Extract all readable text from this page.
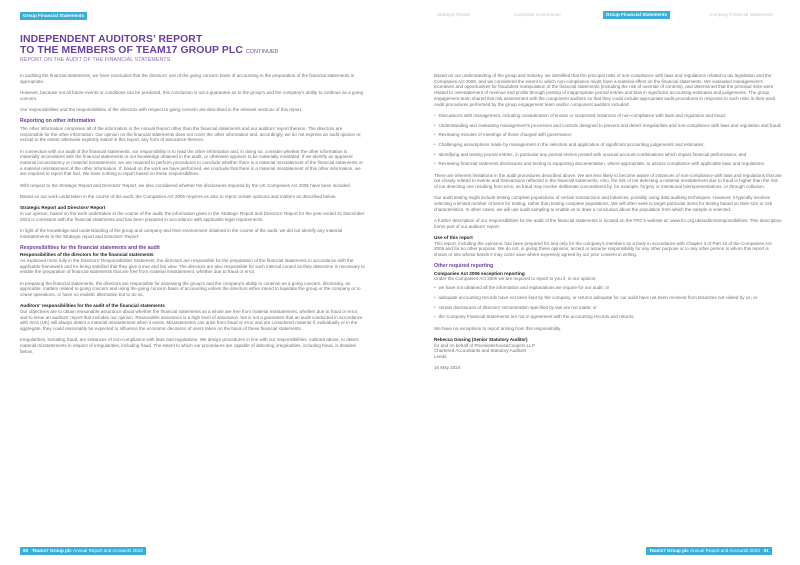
Group Financial Statements	Strategic Report	Corporate Governance	Group Financial Statements	Company Financial Statements
INDEPENDENT AUDITORS’ REPORT
TO THE MEMBERS OF TEAM17 GROUP PLC CONTINUED
REPORT ON THE AUDIT OF THE FINANCIAL STATEMENTS

In auditing the financial statements, we have concluded that the directors’ use of the going concern basis of accounting in the preparation of the financial statements is appropriate.

However, because not all future events or conditions can be predicted, this conclusion is not a guarantee as to the group’s and the company’s ability to continue as a going concern.

Our responsibilities and the responsibilities of the directors with respect to going concern are described in the relevant sections of this report.

Reporting on other information

The other information comprises all of the information in the Annual Report other than the financial statements and our auditors’ report thereon. The directors are responsible for the other information. Our opinion on the financial statements does not cover the other information and, accordingly, we do not express an audit opinion or, except to the extent otherwise explicitly stated in this report, any form of assurance thereon.

In connection with our audit of the financial statements, our responsibility is to read the other information and, in doing so, consider whether the other information is materially inconsistent with the financial statements or our knowledge obtained in the audit, or otherwise appears to be materially misstated. If we identify an apparent material inconsistency or material misstatement, we are required to perform procedures to conclude whether there is a material misstatement of the financial statements or a material misstatement of the other information. If, based on the work we have performed, we conclude that there is a material misstatement of this other information, we are required to report that fact. We have nothing to report based on these responsibilities.

With respect to the Strategic Report and Directors’ Report, we also considered whether the disclosures required by the UK Companies Act 2006 have been included.

Based on our work undertaken in the course of the audit, the Companies Act 2006 requires us also to report certain opinions and matters as described below.

Strategic Report and Directors’ Report

In our opinion, based on the work undertaken in the course of the audit, the information given in the Strategic Report and Directors’ Report for the year ended 31 December 2023 is consistent with the financial statements and has been prepared in accordance with applicable legal requirements.

In light of the knowledge and understanding of the group and company and their environment obtained in the course of the audit, we did not identify any material misstatements in the Strategic report and Directors’ Report.

Responsibilities for the financial statements and the audit
Responsibilities of the directors for the financial statements

As explained more fully in the Directors’ Responsibilities Statement, the directors are responsible for the preparation of the financial statements in accordance with the applicable framework and for being satisfied that they give a true and fair view. The directors are also responsible for such internal control as they determine is necessary to enable the preparation of financial statements that are free from material misstatement, whether due to fraud or error.

In preparing the financial statements, the directors are responsible for assessing the group’s and the company’s ability to continue as a going concern, disclosing, as applicable, matters related to going concern and using the going concern basis of accounting unless the directors either intend to liquidate the group or the company or to cease operations, or have no realistic alternative but to do so.

Auditors’ responsibilities for the audit of the financial statements

Our objectives are to obtain reasonable assurance about whether the financial statements as a whole are free from material misstatement, whether due to fraud or error, and to issue an auditors’ report that includes our opinion. Reasonable assurance is a high level of assurance, but is not a guarantee that an audit conducted in accordance with ISAs (UK) will always detect a material misstatement when it exists. Misstatements can arise from fraud or error and are considered material if, individually or in the aggregate, they could reasonably be expected to influence the economic decisions of users taken on the basis of these financial statements.

Irregularities, including fraud, are instances of non-compliance with laws and regulations. We design procedures in line with our responsibilities, outlined above, to detect material misstatements in respect of irregularities, including fraud. The extent to which our procedures are capable of detecting irregularities, including fraud, is detailed below.

Based on our understanding of the group and industry, we identified that the principal risks of non-compliance with laws and regulations related to tax legislation and the Companies Act 2006, and we considered the extent to which non-compliance might have a material effect on the financial statements. We evaluated management’s incentives and opportunities for fraudulent manipulation of the financial statements (including the risk of override of controls), and determined that the principal risks were related to overstatement of revenue and profits through posting of inappropriate journal entries and bias in significant accounting estimates and judgements. The group engagement team shared this risk assessment with the component auditors so that they could include appropriate audit procedures in response to such risks in their work. Audit procedures performed by the group engagement team and/or component auditors included:

• Discussions with management, including consideration of known or suspected instances of non-compliance with laws and regulation and fraud;
• Understanding and evaluating management’s processes and controls designed to prevent and detect irregularities and non-compliance with laws and regulation and fraud;
• Reviewing minutes of meetings of those charged with governance;
• Challenging assumptions made by management in the selection and application of significant accounting judgements and estimates;
• Identifying and testing journal entries, in particular any journal entries posted with unusual account combinations which impact financial performance; and
• Reviewing financial statement disclosures and testing to supporting documentation, where appropriate, to assess compliance with applicable laws and regulations.

There are inherent limitations in the audit procedures described above. We are less likely to become aware of instances of non-compliance with laws and regulations that are not closely related to events and transactions reflected in the financial statements. Also, the risk of not detecting a material misstatement due to fraud is higher than the risk of not detecting one resulting from error, as fraud may involve deliberate concealment by, for example, forgery or intentional misrepresentations, or through collusion.

Our audit testing might include testing complete populations of certain transactions and balances, possibly using data auditing techniques. However, it typically involves selecting a limited number of items for testing, rather than testing complete populations. We will often seek to target particular items for testing based on their size or risk characteristics. In other cases, we will use audit sampling to enable us to draw a conclusion about the population from which the sample is selected.

A further description of our responsibilities for the audit of the financial statements is located on the FRC’s website at: www.frc.org.uk/auditorsresponsibilities. This description forms part of our auditors’ report.

Use of this report

This report, including the opinions, has been prepared for and only for the company’s members as a body in accordance with Chapter 3 of Part 16 of the Companies Act 2006 and for no other purpose. We do not, in giving these opinions, accept or assume responsibility for any other purpose or to any other person to whom this report is shown or into whose hands it may come save where expressly agreed by our prior consent in writing.

Other required reporting
Companies Act 2006 exception reporting

Under the Companies Act 2006 we are required to report to you if, in our opinion:

• we have not obtained all the information and explanations we require for our audit; or
• adequate accounting records have not been kept by the company, or returns adequate for our audit have not been received from branches not visited by us; or
• certain disclosures of directors’ remuneration specified by law are not made; or
• the Company Financial Statements are not in agreement with the accounting records and returns.

We have no exceptions to report arising from this responsibility.

Rebecca Gissing (Senior Statutory Auditor)
for and on behalf of PricewaterhouseCoopers LLP
Chartered Accountants and Statutory Auditors
Leeds

16 May 2024

60 Team17 Group plc Annual Report and Accounts 2023	Team17 Group plc Annual Report and Accounts 2023 61
